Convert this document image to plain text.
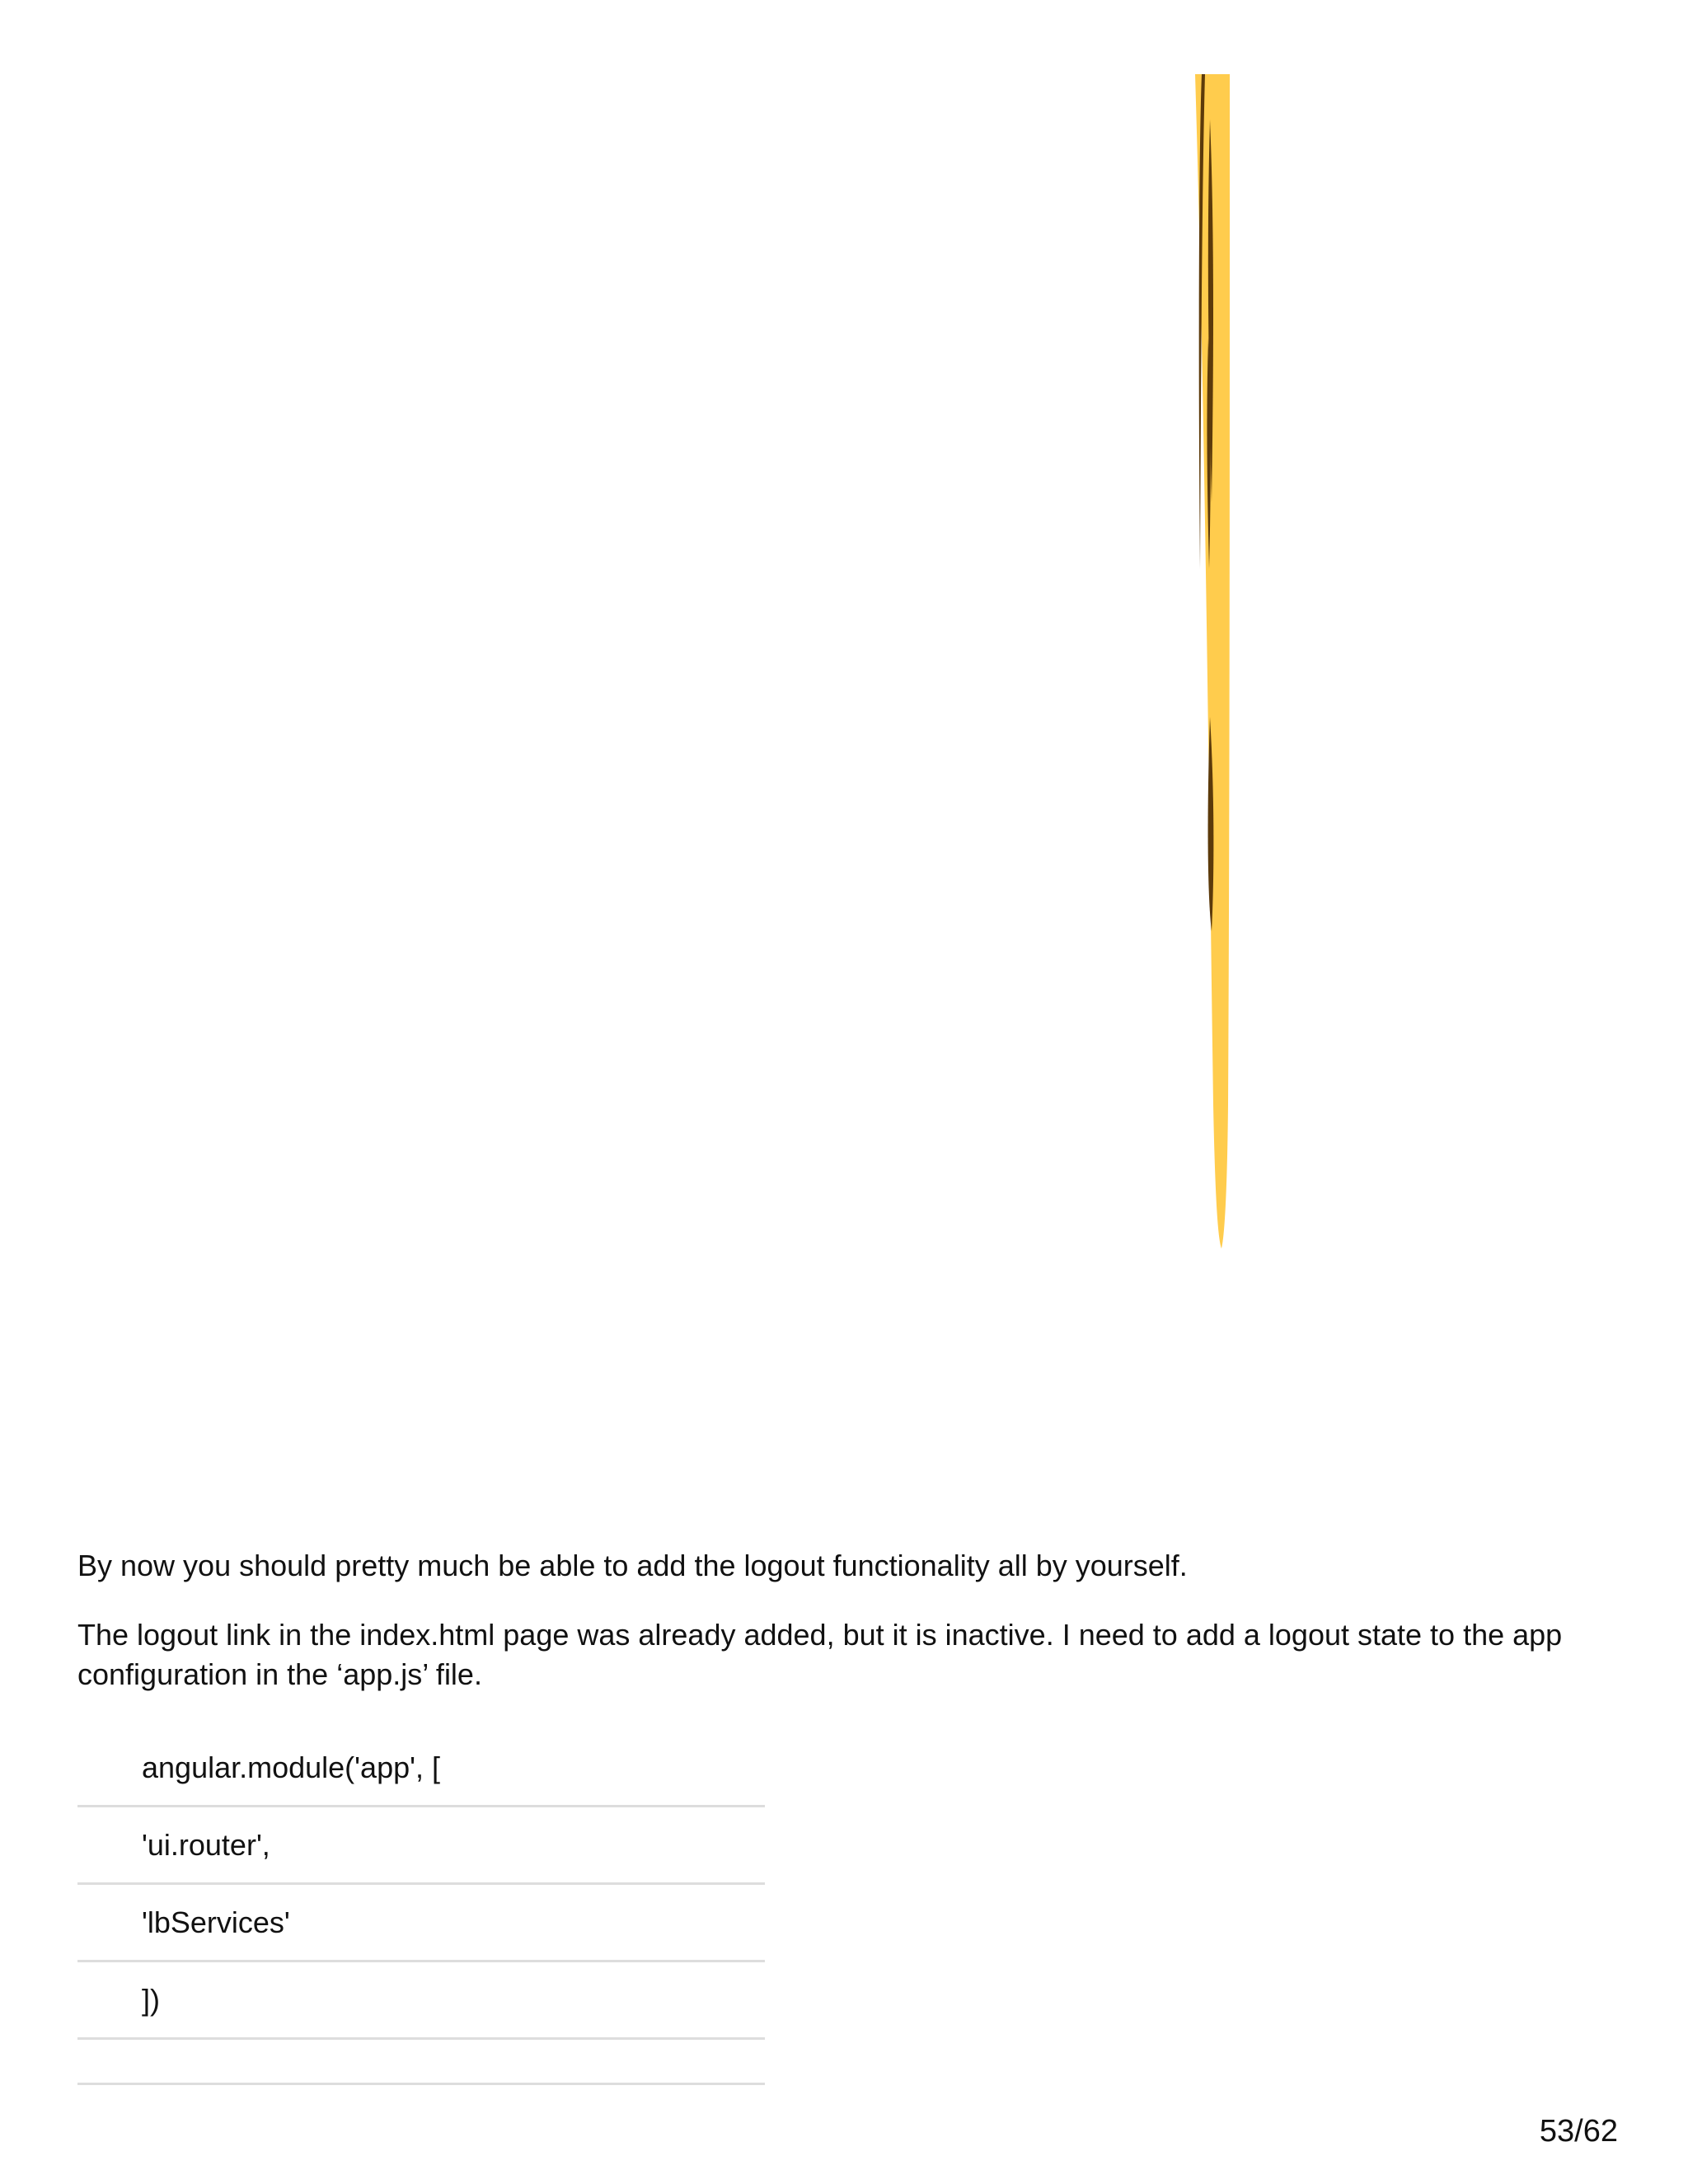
By now you should pretty much be able to add the logout functionality all by yourself.

The logout link in the index.html page was already added, but it is inactive. I need to add a logout state to the app configuration in the ‘app.js’ file.

angular.module('app', [
'ui.router',
'lbServices'
])
53/62
